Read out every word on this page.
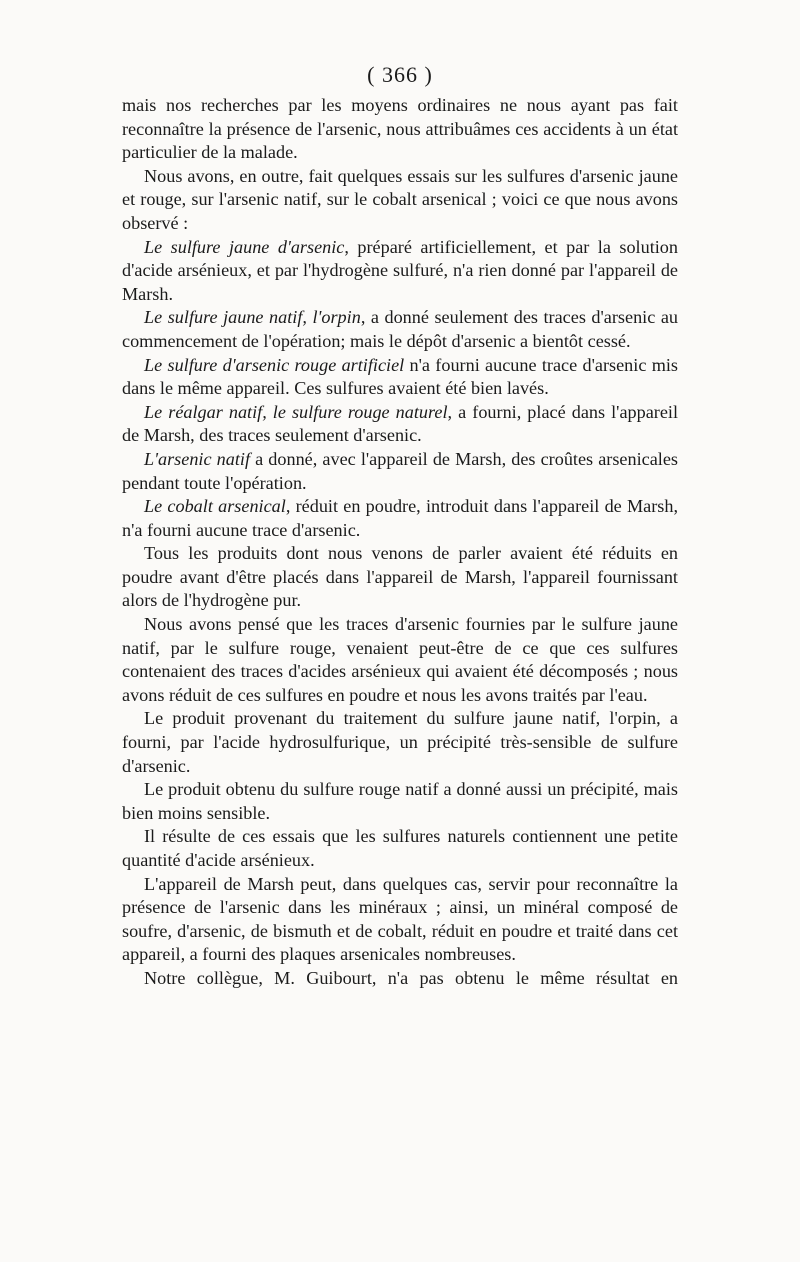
( 366 )

mais nos recherches par les moyens ordinaires ne nous ayant pas fait reconnaître la présence de l'arsenic, nous attribuâmes ces accidents à un état particulier de la malade.

Nous avons, en outre, fait quelques essais sur les sulfures d'arsenic jaune et rouge, sur l'arsenic natif, sur le cobalt arsenical ; voici ce que nous avons observé :

Le sulfure jaune d'arsenic, préparé artificiellement, et par la solution d'acide arsénieux, et par l'hydrogène sulfuré, n'a rien donné par l'appareil de Marsh.

Le sulfure jaune natif, l'orpin, a donné seulement des traces d'arsenic au commencement de l'opération; mais le dépôt d'arsenic a bientôt cessé.

Le sulfure d'arsenic rouge artificiel n'a fourni aucune trace d'arsenic mis dans le même appareil. Ces sulfures avaient été bien lavés.

Le réalgar natif, le sulfure rouge naturel, a fourni, placé dans l'appareil de Marsh, des traces seulement d'arsenic.

L'arsenic natif a donné, avec l'appareil de Marsh, des croûtes arsenicales pendant toute l'opération.

Le cobalt arsenical, réduit en poudre, introduit dans l'appareil de Marsh, n'a fourni aucune trace d'arsenic.

Tous les produits dont nous venons de parler avaient été réduits en poudre avant d'être placés dans l'appareil de Marsh, l'appareil fournissant alors de l'hydrogène pur.

Nous avons pensé que les traces d'arsenic fournies par le sulfure jaune natif, par le sulfure rouge, venaient peut-être de ce que ces sulfures contenaient des traces d'acides arsénieux qui avaient été décomposés ; nous avons réduit de ces sulfures en poudre et nous les avons traités par l'eau.

Le produit provenant du traitement du sulfure jaune natif, l'orpin, a fourni, par l'acide hydrosulfurique, un précipité très-sensible de sulfure d'arsenic.

Le produit obtenu du sulfure rouge natif a donné aussi un précipité, mais bien moins sensible.

Il résulte de ces essais que les sulfures naturels contiennent une petite quantité d'acide arsénieux.

L'appareil de Marsh peut, dans quelques cas, servir pour reconnaître la présence de l'arsenic dans les minéraux ; ainsi, un minéral composé de soufre, d'arsenic, de bismuth et de cobalt, réduit en poudre et traité dans cet appareil, a fourni des plaques arsenicales nombreuses.

Notre collègue, M. Guibourt, n'a pas obtenu le même résultat en
